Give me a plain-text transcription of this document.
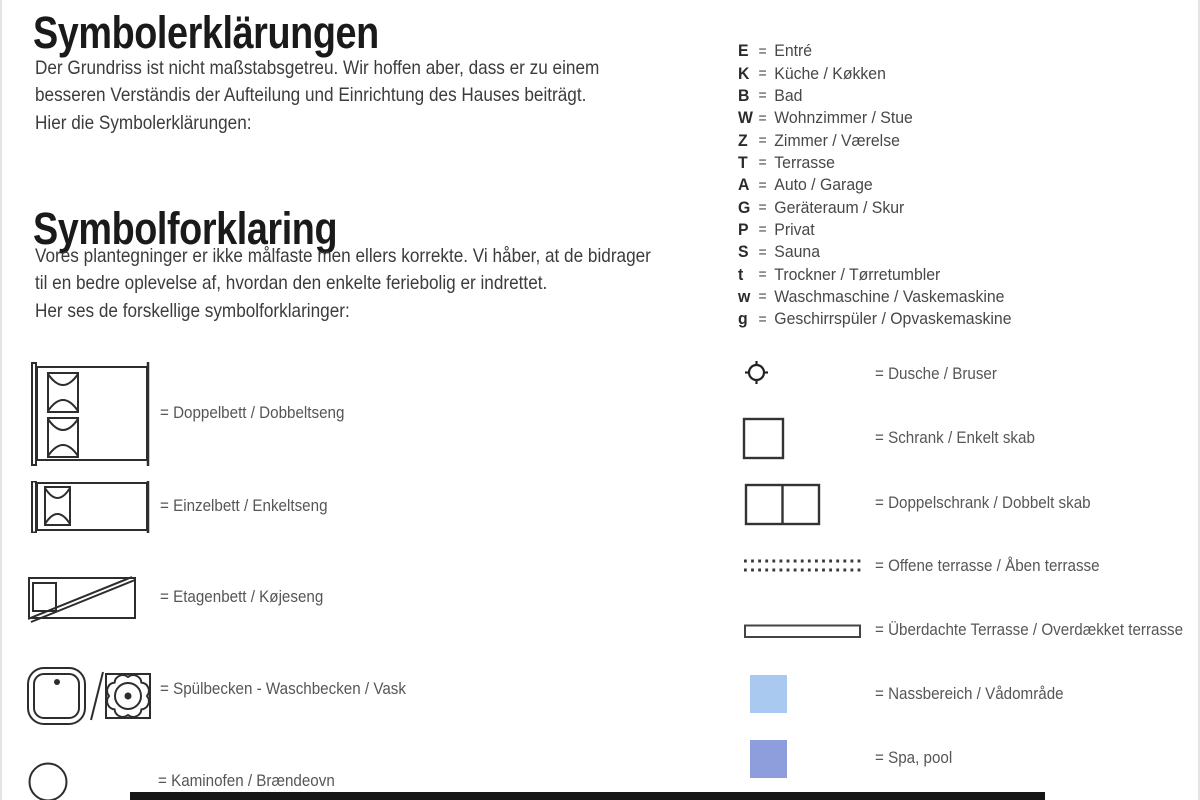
Symbolerklärungen
Der Grundriss ist nicht maßstabsgetreu. Wir hoffen aber, dass er zu einem
besseren Verständis der Aufteilung und Einrichtung des Hauses beiträgt.
Hier die Symbolerklärungen:
Symbolforklaring
Vores plantegninger er ikke målfaste men ellers korrekte. Vi håber, at de bidrager
til en bedre oplevelse af, hvordan den enkelte feriebolig er indrettet.
Her ses de forskellige symbolforklaringer:
= Doppelbett / Dobbeltseng
= Einzelbett / Enkeltseng
= Etagenbett / Køjeseng
= Spülbecken - Waschbecken / Vask
= Kaminofen / Brændeovn
E = Entré
K = Küche / Køkken
B = Bad
W = Wohnzimmer / Stue
Z = Zimmer / Værelse
T = Terrasse
A = Auto / Garage
G = Geräteraum / Skur
P = Privat
S = Sauna
t	= Trockner / Tørretumbler
w = Waschmaschine / Vaskemaskine
g = Geschirrspüler / Opvaskemaskine
= Dusche / Bruser
= Schrank / Enkelt skab
= Doppelschrank / Dobbelt skab
= Offene terrasse / Åben terrasse
= Überdachte Terrasse / Overdækket terrasse
= Nassbereich / Vådområde
= Spa, pool
